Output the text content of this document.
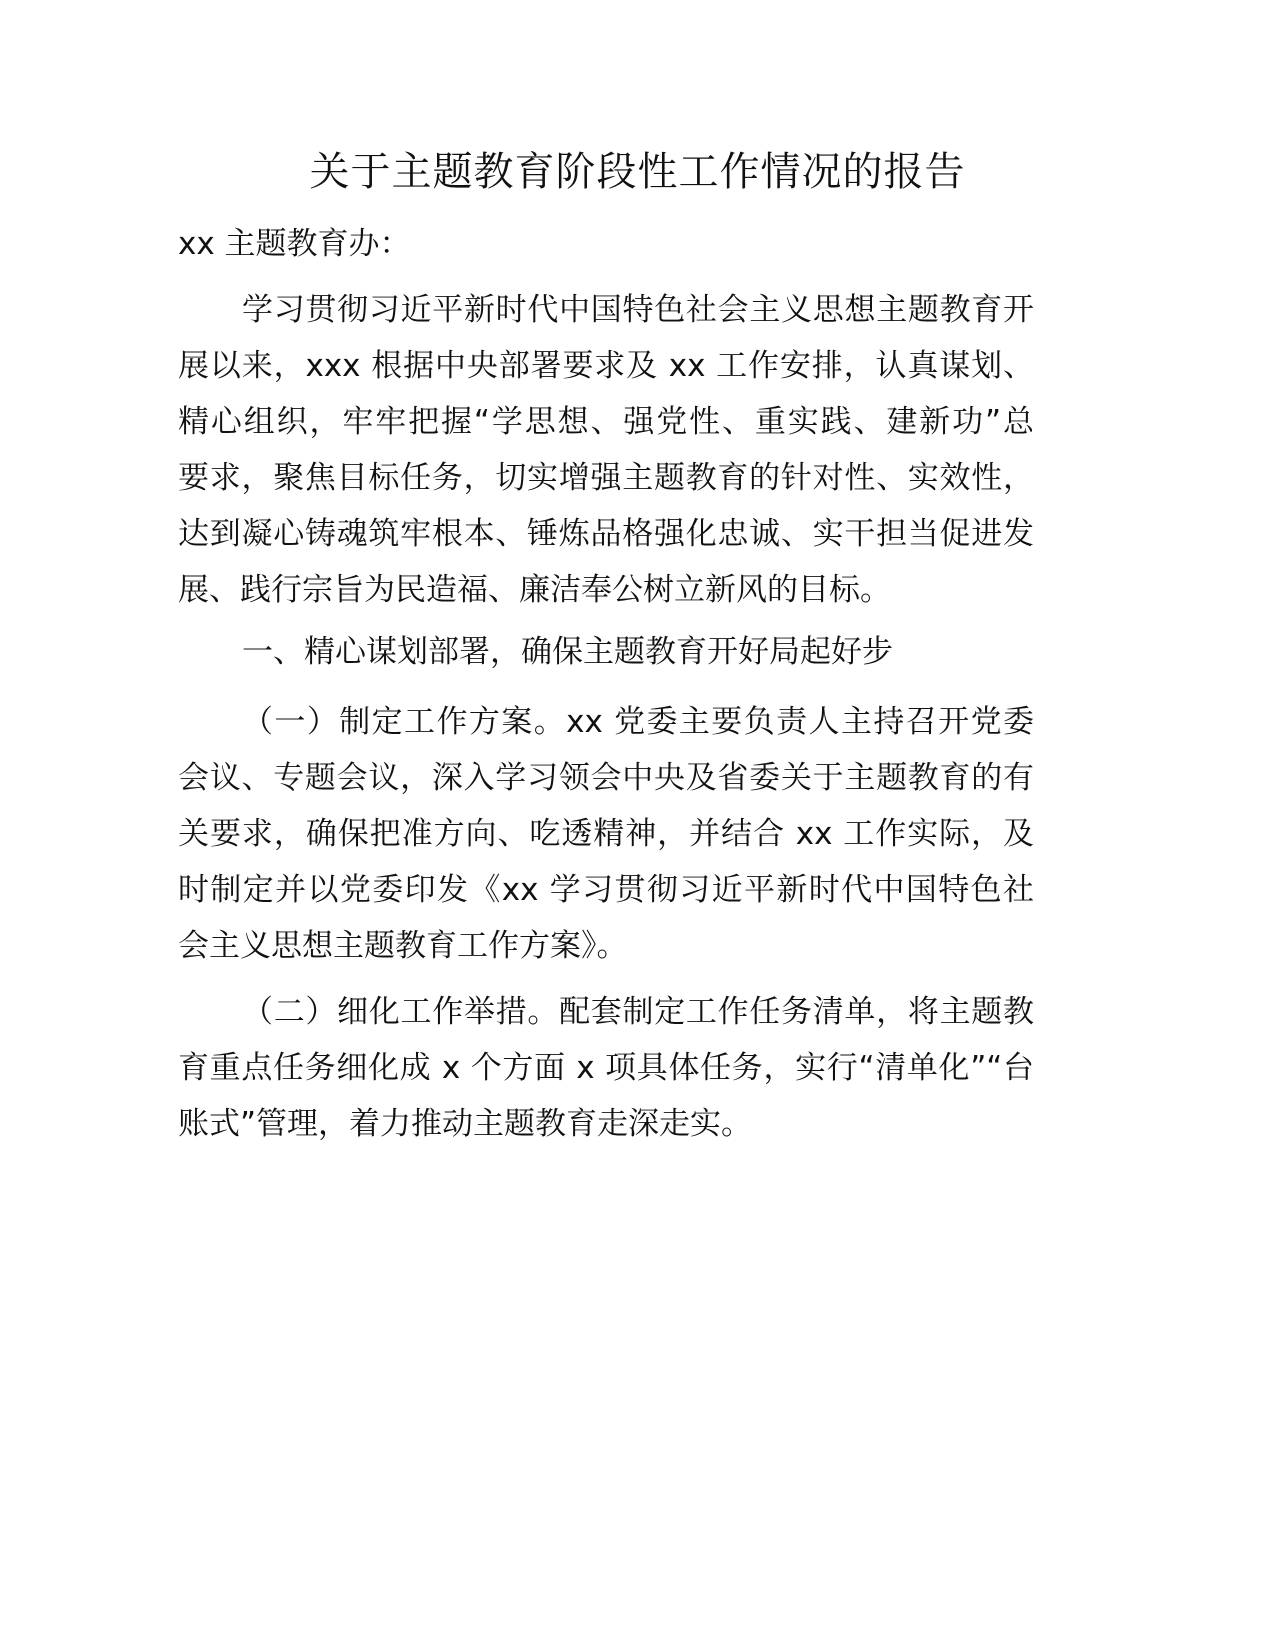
关于主题教育阶段性工作情况的报告
xx 主题教育办：
学习贯彻习近平新时代中国特色社会主义思想主题教育开
展以来，xxx 根据中央部署要求及 xx 工作安排，认真谋划、
精心组织，牢牢把握“学思想、强党性、重实践、建新功”总
要求，聚焦目标任务，切实增强主题教育的针对性、实效性，
达到凝心铸魂筑牢根本、锤炼品格强化忠诚、实干担当促进发
展、践行宗旨为民造福、廉洁奉公树立新风的目标。
一、精心谋划部署，确保主题教育开好局起好步
（一）制定工作方案。xx 党委主要负责人主持召开党委
会议、专题会议，深入学习领会中央及省委关于主题教育的有
关要求，确保把准方向、吃透精神，并结合 xx 工作实际，及
时制定并以党委印发《xx 学习贯彻习近平新时代中国特色社
会主义思想主题教育工作方案》。
（二）细化工作举措。配套制定工作任务清单，将主题教
育重点任务细化成 x 个方面 x 项具体任务，实行“清单化”“台
账式”管理，着力推动主题教育走深走实。
